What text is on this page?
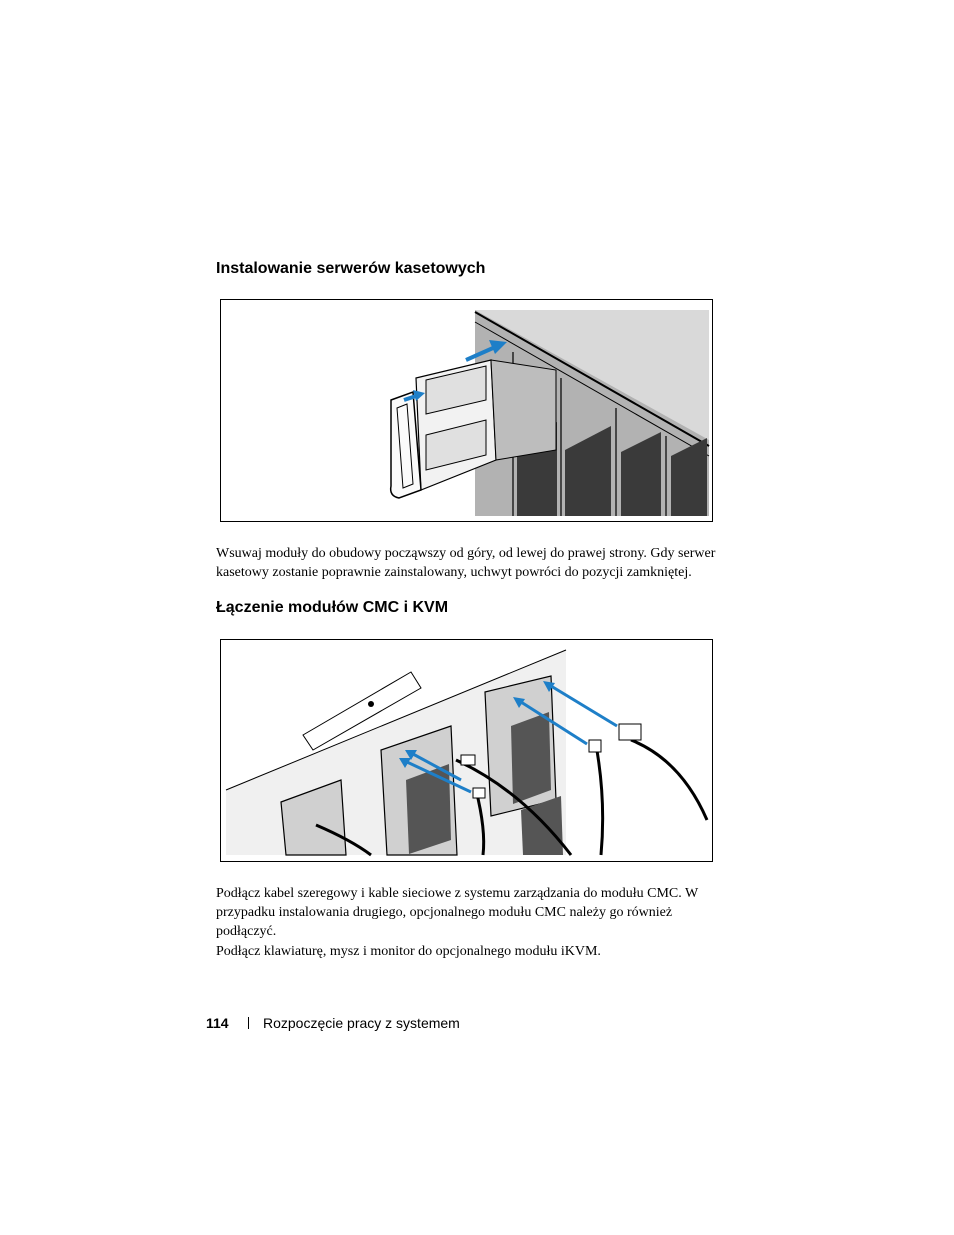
Instalowanie serwerów kasetowych

Wsuwaj moduły do obudowy począwszy od góry, od lewej do prawej strony. Gdy serwer kasetowy zostanie poprawnie zainstalowany, uchwyt powróci do pozycji zamkniętej.

Łączenie modułów CMC i KVM

Podłącz kabel szeregowy i kable sieciowe z systemu zarządzania do modułu CMC. W przypadku instalowania drugiego, opcjonalnego modułu CMC należy go również podłączyć.

Podłącz klawiaturę, mysz i monitor do opcjonalnego modułu iKVM.

114	Rozpoczęcie pracy z systemem
